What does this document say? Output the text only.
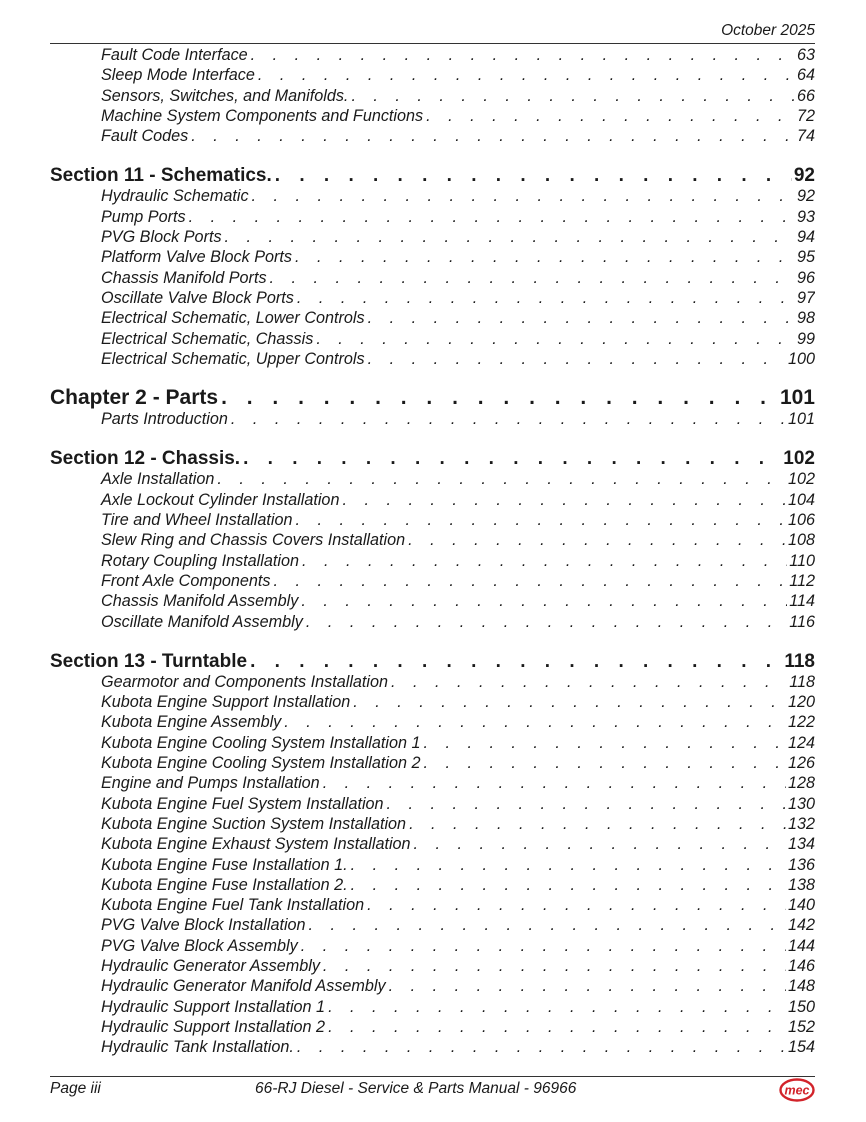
October 2025
Fault Code Interface . . .	63
Sleep Mode Interface . . .	64
Sensors, Switches, and Manifolds. . . .	66
Machine System Components and Functions . . .	72
Fault Codes . . .	74
Section 11 - Schematics. . . .	92
Hydraulic Schematic . . .	92
Pump Ports . . .	93
PVG Block Ports . . .	94
Platform Valve Block Ports . . .	95
Chassis Manifold Ports . . .	96
Oscillate Valve Block Ports . . .	97
Electrical Schematic, Lower Controls . . .	98
Electrical Schematic, Chassis . . .	99
Electrical Schematic, Upper Controls . . .	100
Chapter 2 - Parts . . .	101
Parts Introduction . . .	101
Section 12 - Chassis. . . .	102
Axle Installation . . .	102
Axle Lockout Cylinder Installation . . .	104
Tire and Wheel Installation . . .	106
Slew Ring and Chassis Covers Installation . . .	108
Rotary Coupling Installation . . .	110
Front Axle Components . . .	112
Chassis Manifold Assembly . . .	114
Oscillate Manifold Assembly . . .	116
Section 13 - Turntable . . .	118
Gearmotor and Components Installation . . .	118
Kubota Engine Support Installation . . .	120
Kubota Engine Assembly . . .	122
Kubota Engine Cooling System Installation 1 . . .	124
Kubota Engine Cooling System Installation 2 . . .	126
Engine and Pumps Installation . . .	128
Kubota Engine Fuel System Installation . . .	130
Kubota Engine Suction System Installation . . .	132
Kubota Engine Exhaust System Installation . . .	134
Kubota Engine Fuse Installation 1. . . .	136
Kubota Engine Fuse Installation 2. . . .	138
Kubota Engine Fuel Tank Installation . . .	140
PVG Valve Block Installation . . .	142
PVG Valve Block Assembly . . .	144
Hydraulic Generator Assembly . . .	146
Hydraulic Generator Manifold Assembly . . .	148
Hydraulic Support Installation 1 . . .	150
Hydraulic Support Installation 2 . . .	152
Hydraulic Tank Installation. . . .	154
Page iii	66-RJ Diesel - Service & Parts Manual - 96966	mec
